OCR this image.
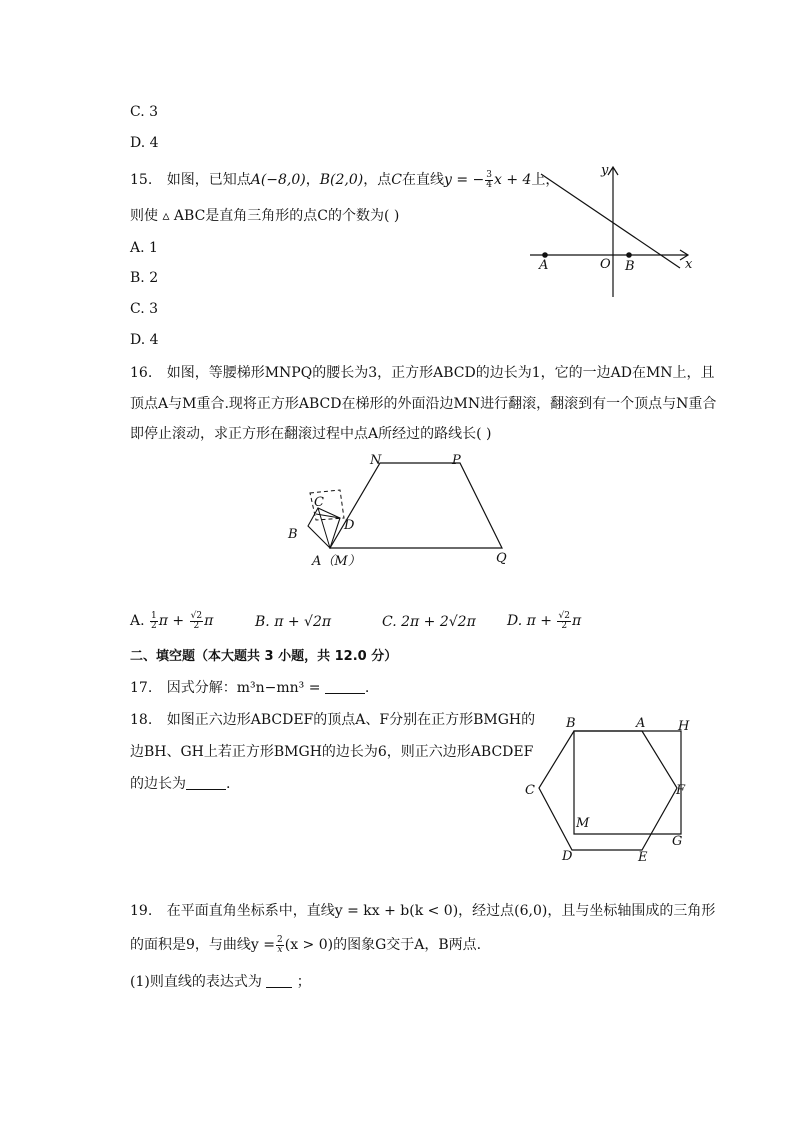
C. 3
D. 4
15. 如图，已知点A(−8,0)，B(2,0)，点C在直线y = − $\frac{3}{4}$ x + 4上，
则使 ▵ ABC是直角三角形的点C的个数为( )
A. 1
B. 2
C. 3
D. 4
y
x
A	O B
16. 如图，等腰梯形MNPQ的腰长为3，正方形ABCD的边长为1，它的一边AD在MN上，且
顶点A与M重合.现将正方形ABCD在梯形的外面沿边MN进行翻滚，翻滚到有一个顶点与N重合
即停止滚动，求正方形在翻滚过程中点A所经过的路线长( )
N	P
C
D
B
A（M）	Q
A. $\frac{1}{2}$ $\pi + \frac{√2}{2}$ π	B. π + √2π	C. 2π + 2√2π D. $\pi + \frac{√2}{2}$ π
二、填空题（本大题共 3 小题，共 12.0 分）
17. 因式分解：m³n−mn³ =	.
18. 如图正六边形ABCDEF的顶点A、F分别在正方形BMGH的
边BH、GH上若正方形BMGH的边长为6，则正六边形ABCDEF
的边长为	.
B	A	H
C	F
M
G
D	E
19. 在平面直角坐标系中，直线y = kx + b(k < 0)，经过点(6,0)，且与坐标轴围成的三角形
的面积是9，与曲线$y = \frac{2}{x} (x > 0)$的图象G交于A，B两点.
(1)则直线的表达式为 ；
